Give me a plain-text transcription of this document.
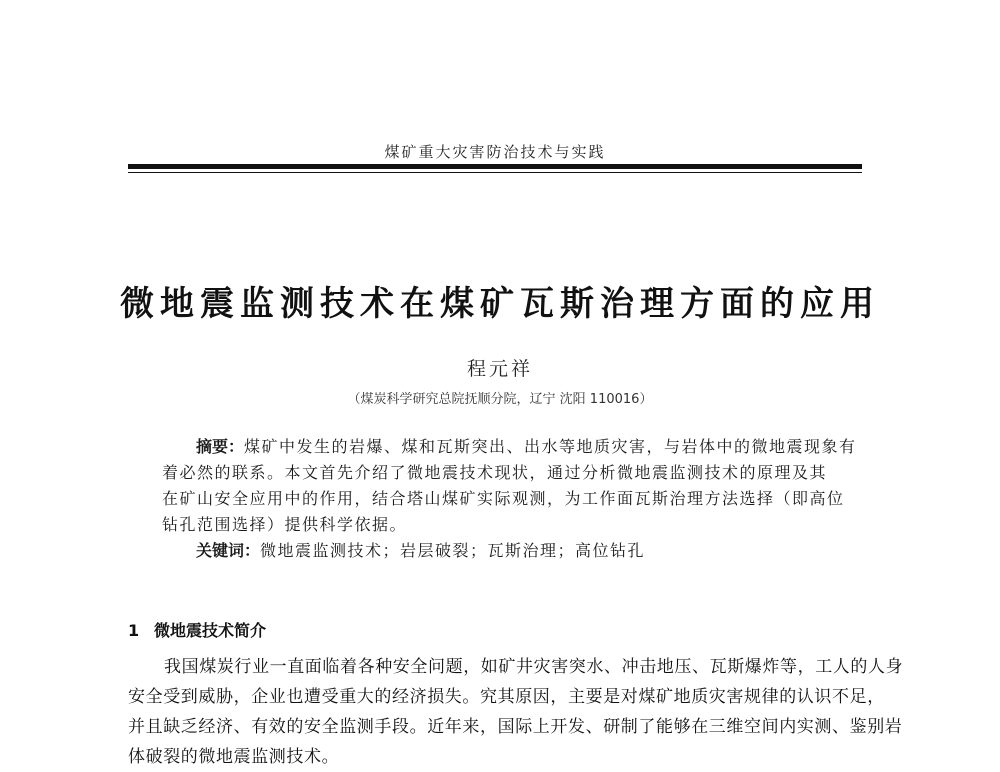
煤矿重大灾害防治技术与实践
微地震监测技术在煤矿瓦斯治理方面的应用
程元祥
（煤炭科学研究总院抚顺分院，辽宁 沈阳 110016）
摘要：煤矿中发生的岩爆、煤和瓦斯突出、出水等地质灾害，与岩体中的微地震现象有
着必然的联系。本文首先介绍了微地震技术现状，通过分析微地震监测技术的原理及其
在矿山安全应用中的作用，结合塔山煤矿实际观测，为工作面瓦斯治理方法选择（即高位
钻孔范围选择）提供科学依据。
关键词：微地震监测技术；岩层破裂；瓦斯治理；高位钻孔
1 微地震技术简介
我国煤炭行业一直面临着各种安全问题，如矿井灾害突水、冲击地压、瓦斯爆炸等，工人的人身
安全受到威胁，企业也遭受重大的经济损失。究其原因，主要是对煤矿地质灾害规律的认识不足，
并且缺乏经济、有效的安全监测手段。近年来，国际上开发、研制了能够在三维空间内实测、鉴别岩
体破裂的微地震监测技术。
